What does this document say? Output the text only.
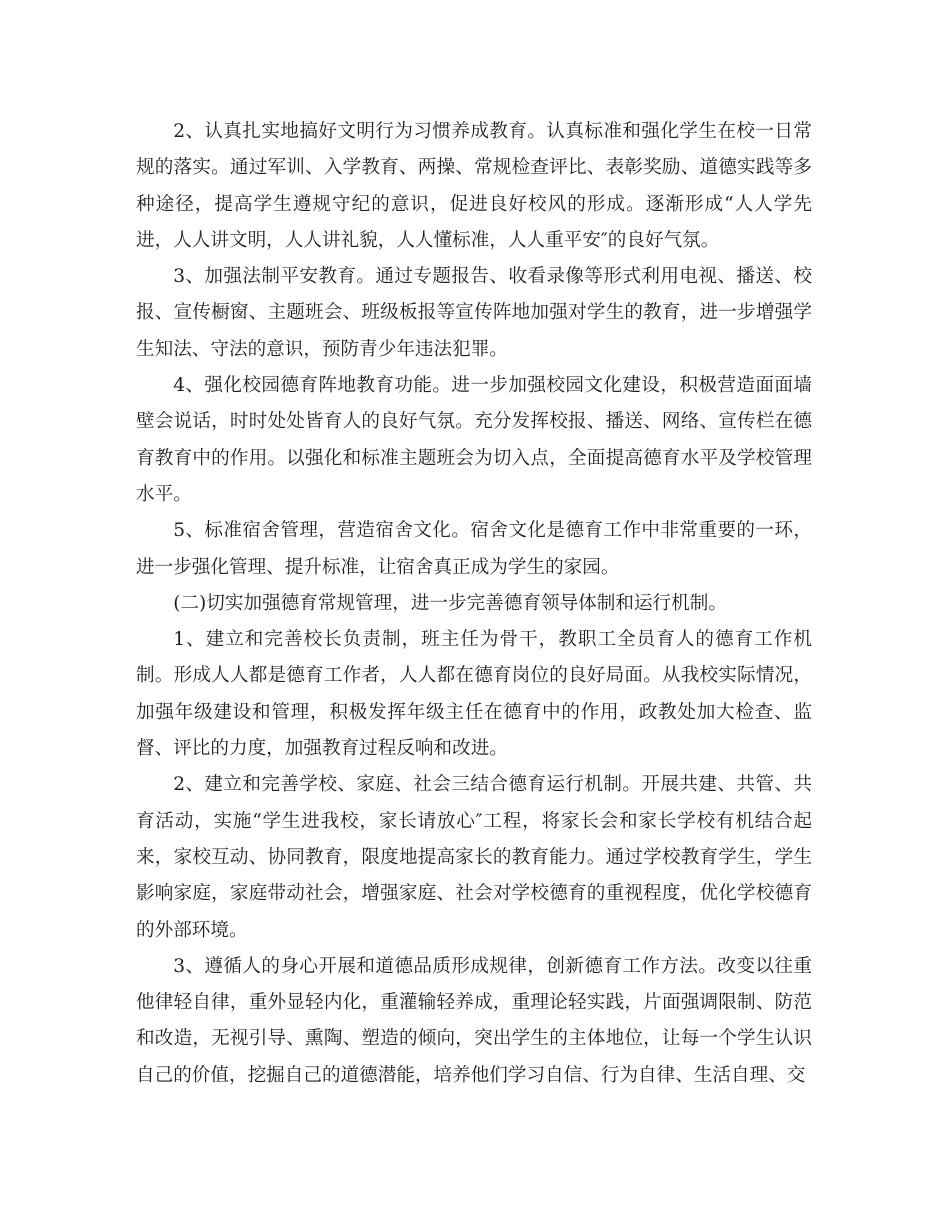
2、认真扎实地搞好文明行为习惯养成教育。认真标准和强化学生在校一日常
规的落实。通过军训、入学教育、两操、常规检查评比、表彰奖励、道德实践等多
种途径，提高学生遵规守纪的意识，促进良好校风的形成。逐渐形成“人人学先
进，人人讲文明，人人讲礼貌，人人懂标准，人人重平安″的良好气氛。
3、加强法制平安教育。通过专题报告、收看录像等形式利用电视、播送、校
报、宣传橱窗、主题班会、班级板报等宣传阵地加强对学生的教育，进一步增强学
生知法、守法的意识，预防青少年违法犯罪。
4、强化校园德育阵地教育功能。进一步加强校园文化建设，积极营造面面墙
壁会说话，时时处处皆育人的良好气氛。充分发挥校报、播送、网络、宣传栏在德
育教育中的作用。以强化和标准主题班会为切入点，全面提高德育水平及学校管理
水平。
5、标准宿舍管理，营造宿舍文化。宿舍文化是德育工作中非常重要的一环，
进一步强化管理、提升标准，让宿舍真正成为学生的家园。
(二)切实加强德育常规管理，进一步完善德育领导体制和运行机制。
1、建立和完善校长负责制，班主任为骨干，教职工全员育人的德育工作机
制。形成人人都是德育工作者，人人都在德育岗位的良好局面。从我校实际情况，
加强年级建设和管理，积极发挥年级主任在德育中的作用，政教处加大检查、监
督、评比的力度，加强教育过程反响和改进。
2、建立和完善学校、家庭、社会三结合德育运行机制。开展共建、共管、共
育活动，实施“学生进我校，家长请放心″工程，将家长会和家长学校有机结合起
来，家校互动、协同教育，限度地提高家长的教育能力。通过学校教育学生，学生
影响家庭，家庭带动社会，增强家庭、社会对学校德育的重视程度，优化学校德育
的外部环境。
3、遵循人的身心开展和道德品质形成规律，创新德育工作方法。改变以往重
他律轻自律，重外显轻内化，重灌输轻养成，重理论轻实践，片面强调限制、防范
和改造，无视引导、熏陶、塑造的倾向，突出学生的主体地位，让每一个学生认识
自己的价值，挖掘自己的道德潜能，培养他们学习自信、行为自律、生活自理、交
